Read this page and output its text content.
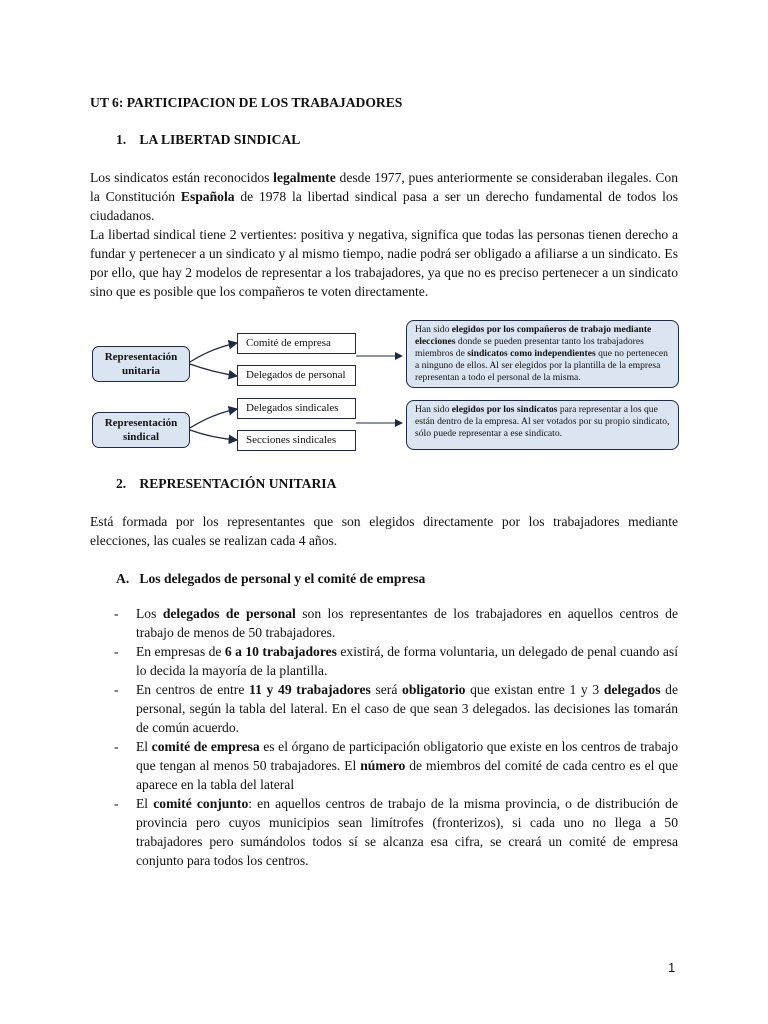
UT 6: PARTICIPACION DE LOS TRABAJADORES
1. LA LIBERTAD SINDICAL

Los sindicatos están reconocidos legalmente desde 1977, pues anteriormente se consideraban ilegales. Con la Constitución Española de 1978 la libertad sindical pasa a ser un derecho fundamental de todos los ciudadanos.

La libertad sindical tiene 2 vertientes: positiva y negativa, significa que todas las personas tienen derecho a fundar y pertenecer a un sindicato y al mismo tiempo, nadie podrá ser obligado a afiliarse a un sindicato. Es por ello, que hay 2 modelos de representar a los trabajadores, ya que no es preciso pertenecer a un sindicato sino que es posible que los compañeros te voten directamente.

Representación unitaria
Representación sindical
Comité de empresa
Delegados de personal
Delegados sindicales
Secciones sindicales
Han sido elegidos por los compañeros de trabajo mediante elecciones donde se pueden presentar tanto los trabajadores miembros de sindicatos como independientes que no pertenecen a ninguno de ellos. Al ser elegidos por la plantilla de la empresa representan a todo el personal de la misma.
Han sido elegidos por los sindicatos para representar a los que están dentro de la empresa. Al ser votados por su propio sindicato, sólo puede representar a ese sindicato.
2. REPRESENTACIÓN UNITARIA

Está formada por los representantes que son elegidos directamente por los trabajadores mediante elecciones, las cuales se realizan cada 4 años.

A. Los delegados de personal y el comité de empresa
- Los delegados de personal son los representantes de los trabajadores en aquellos centros de trabajo de menos de 50 trabajadores.
- En empresas de 6 a 10 trabajadores existirá, de forma voluntaria, un delegado de penal cuando así lo decida la mayoría de la plantilla.
- En centros de entre 11 y 49 trabajadores será obligatorio que existan entre 1 y 3 delegados de personal, según la tabla del lateral. En el caso de que sean 3 delegados. las decisiones las tomarán de común acuerdo.
- El comité de empresa es el órgano de participación obligatorio que existe en los centros de trabajo que tengan al menos 50 trabajadores. El número de miembros del comité de cada centro es el que aparece en la tabla del lateral
- El comité conjunto: en aquellos centros de trabajo de la misma provincia, o de distribución de provincia pero cuyos municipios sean limítrofes (fronterizos), si cada uno no llega a 50 trabajadores pero sumándolos todos sí se alcanza esa cifra, se creará un comité de empresa conjunto para todos los centros.
1
